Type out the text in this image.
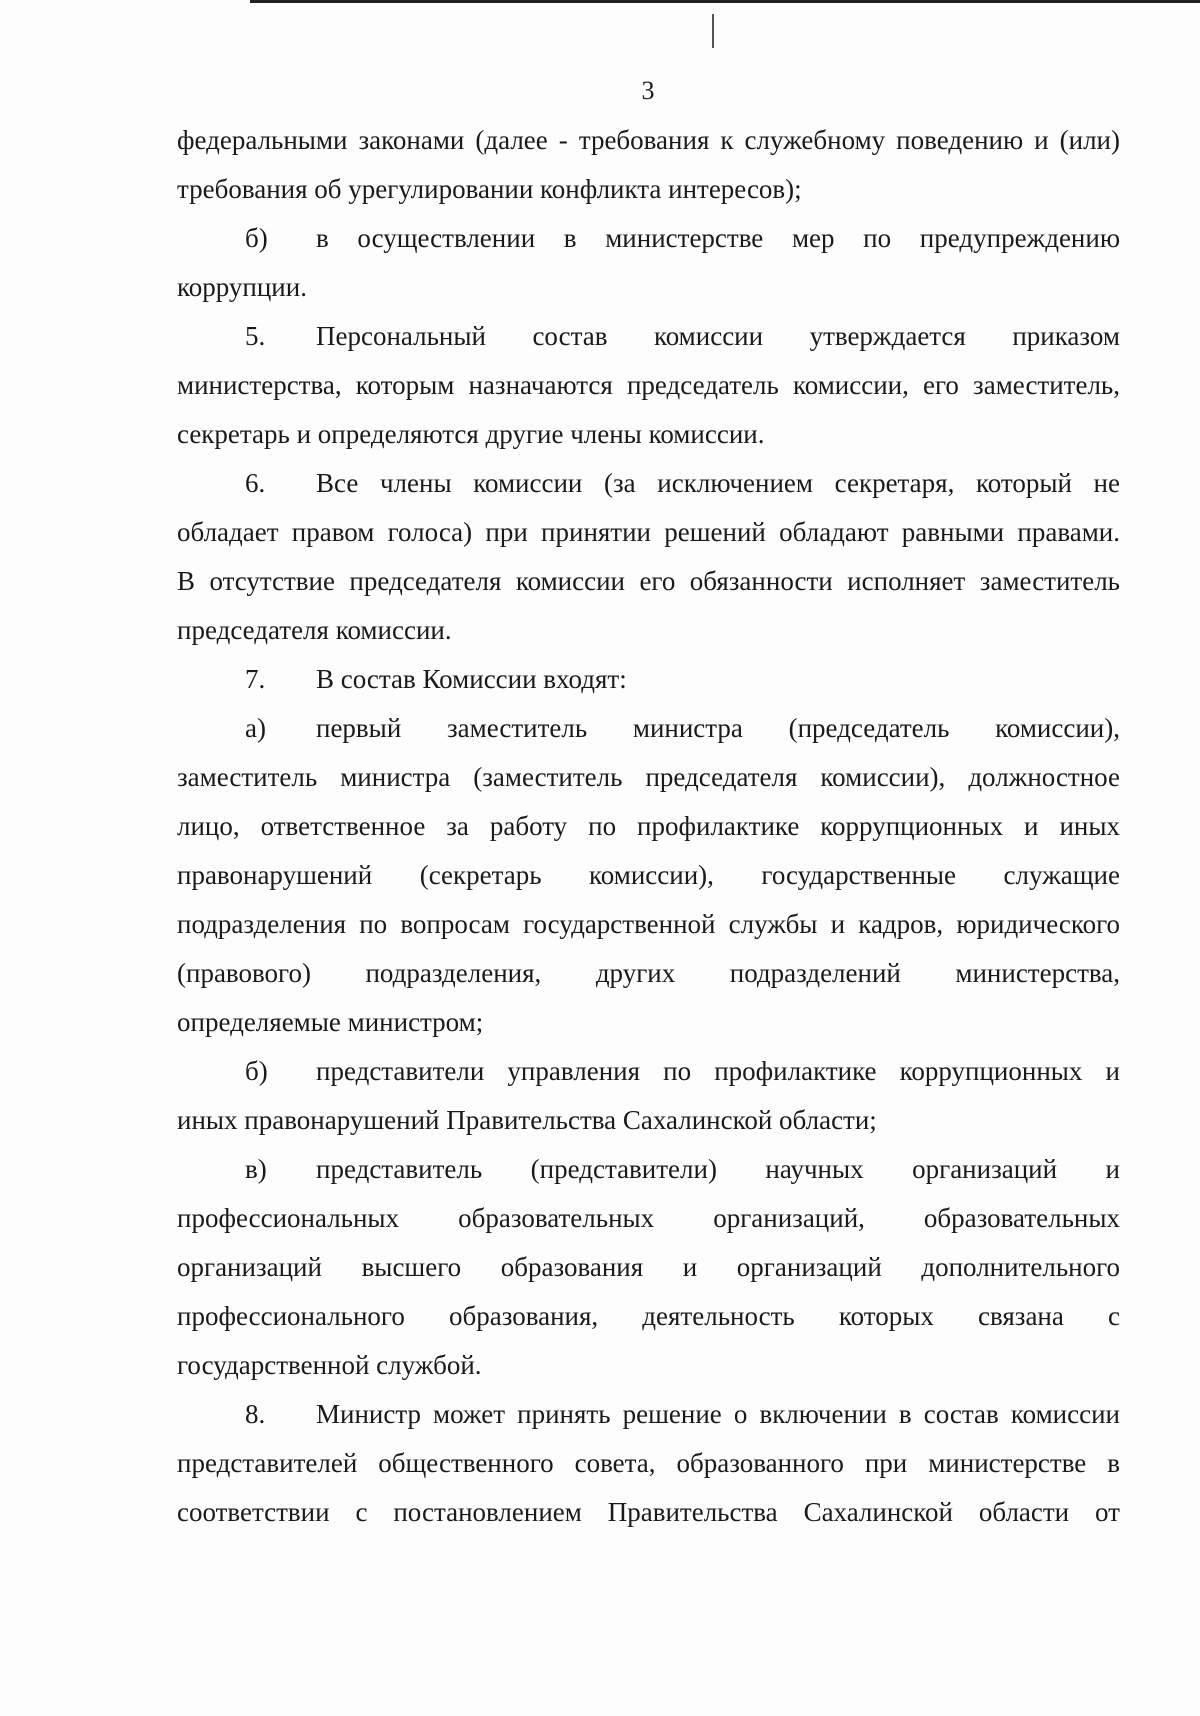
3
федеральными законами (далее - требования к служебному поведению и (или)
требования об урегулировании конфликта интересов);
б)	в осуществлении в министерстве мер по предупреждению
коррупции.
5.	Персональный состав комиссии утверждается приказом
министерства, которым назначаются председатель комиссии, его заместитель,
секретарь и определяются другие члены комиссии.
6.	Все члены комиссии (за исключением секретаря, который не
обладает правом голоса) при принятии решений обладают равными правами.
В отсутствие председателя комиссии его обязанности исполняет заместитель
председателя комиссии.
7.	В состав Комиссии входят:
а)	первый заместитель министра (председатель комиссии),
заместитель министра (заместитель председателя комиссии), должностное
лицо, ответственное за работу по профилактике коррупционных и иных
правонарушений (секретарь комиссии), государственные служащие
подразделения по вопросам государственной службы и кадров, юридического
(правового) подразделения, других подразделений министерства,
определяемые министром;
б)	представители управления по профилактике коррупционных и
иных правонарушений Правительства Сахалинской области;
в)	представитель (представители) научных организаций и
профессиональных образовательных организаций, образовательных
организаций высшего образования и организаций дополнительного
профессионального образования, деятельность которых связана с
государственной службой.
8.	Министр может принять решение о включении в состав комиссии
представителей общественного совета, образованного при министерстве в
соответствии с постановлением Правительства Сахалинской области от
